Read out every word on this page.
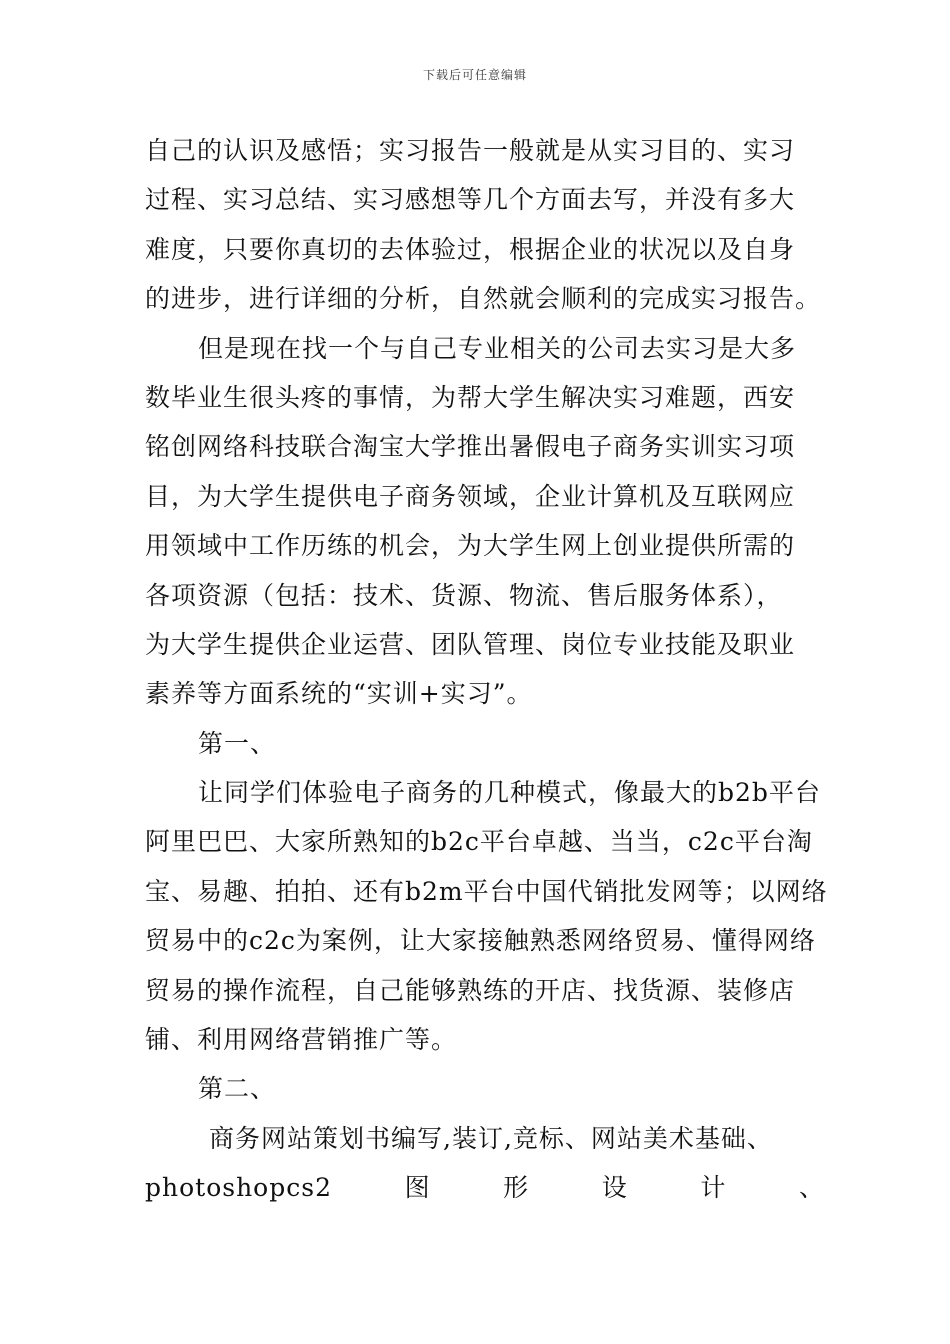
下载后可任意编辑
自己的认识及感悟；实习报告一般就是从实习目的、实习
过程、实习总结、实习感想等几个方面去写，并没有多大
难度，只要你真切的去体验过，根据企业的状况以及自身
的进步，进行详细的分析，自然就会顺利的完成实习报告。
但是现在找一个与自己专业相关的公司去实习是大多
数毕业生很头疼的事情，为帮大学生解决实习难题，西安
铭创网络科技联合淘宝大学推出暑假电子商务实训实习项
目，为大学生提供电子商务领域，企业计算机及互联网应
用领域中工作历练的机会，为大学生网上创业提供所需的
各项资源（包括：技术、货源、物流、售后服务体系），
为大学生提供企业运营、团队管理、岗位专业技能及职业
素养等方面系统的“实训+实习”。
第一、
让同学们体验电子商务的几种模式，像最大的b2b平台
阿里巴巴、大家所熟知的b2c平台卓越、当当，c2c平台淘
宝、易趣、拍拍、还有b2m平台中国代销批发网等；以网络
贸易中的c2c为案例，让大家接触熟悉网络贸易、懂得网络
贸易的操作流程，自己能够熟练的开店、找货源、装修店
铺、利用网络营销推广等。
第二、
商务网站策划书编写,装订,竞标、网站美术基础、
photoshopcs2	图	形	设	计	、
